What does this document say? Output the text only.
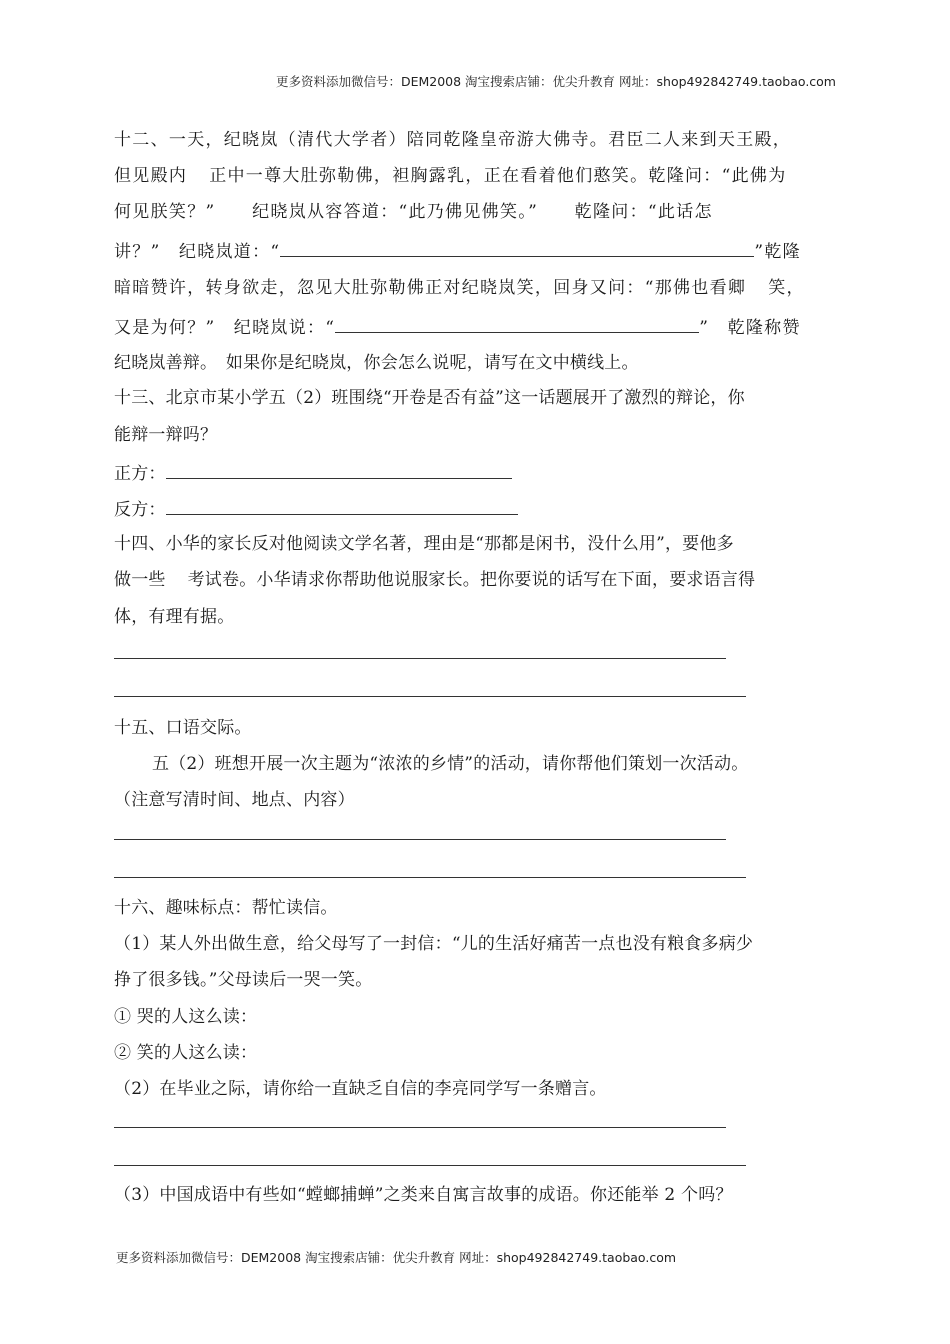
更多资料添加微信号：DEM2008 淘宝搜索店铺：优尖升教育 网址：shop492842749.taobao.com
十二、一天，纪晓岚（清代大学者）陪同乾隆皇帝游大佛寺。君臣二人来到天王殿，
但见殿内 正中一尊大肚弥勒佛，袒胸露乳，正在看着他们憨笑。乾隆问：“此佛为
何见朕笑？”　　纪晓岚从容答道：“此乃佛见佛笑。”　　乾隆问：“此话怎
讲？”　纪晓岚道：“	”乾隆
暗暗赞许，转身欲走，忽见大肚弥勒佛正对纪晓岚笑，回身又问：“那佛也看卿 笑，
又是为何？”　纪晓岚说：“	”　乾隆称赞
纪晓岚善辩。　如果你是纪晓岚，你会怎么说呢，请写在文中横线上。
十三、北京市某小学五（2）班围绕“开卷是否有益”这一话题展开了激烈的辩论，你
能辩一辩吗？
正方：
反方：
十四、小华的家长反对他阅读文学名著，理由是“那都是闲书，没什么用”，要他多
做一些 考试卷。小华请求你帮助他说服家长。把你要说的话写在下面，要求语言得
体，有理有据。
十五、口语交际。
五（2）班想开展一次主题为“浓浓的乡情”的活动，请你帮他们策划一次活动。
（注意写清时间、地点、内容）
十六、趣味标点：帮忙读信。
（1）某人外出做生意，给父母写了一封信：“儿的生活好痛苦一点也没有粮食多病少
挣了很多钱。”父母读后一哭一笑。
① 哭的人这么读：
② 笑的人这么读：
（2）在毕业之际，请你给一直缺乏自信的李亮同学写一条赠言。
（3）中国成语中有些如“螳螂捕蝉”之类来自寓言故事的成语。你还能举 2 个吗？
更多资料添加微信号：DEM2008 淘宝搜索店铺：优尖升教育 网址：shop492842749.taobao.com
